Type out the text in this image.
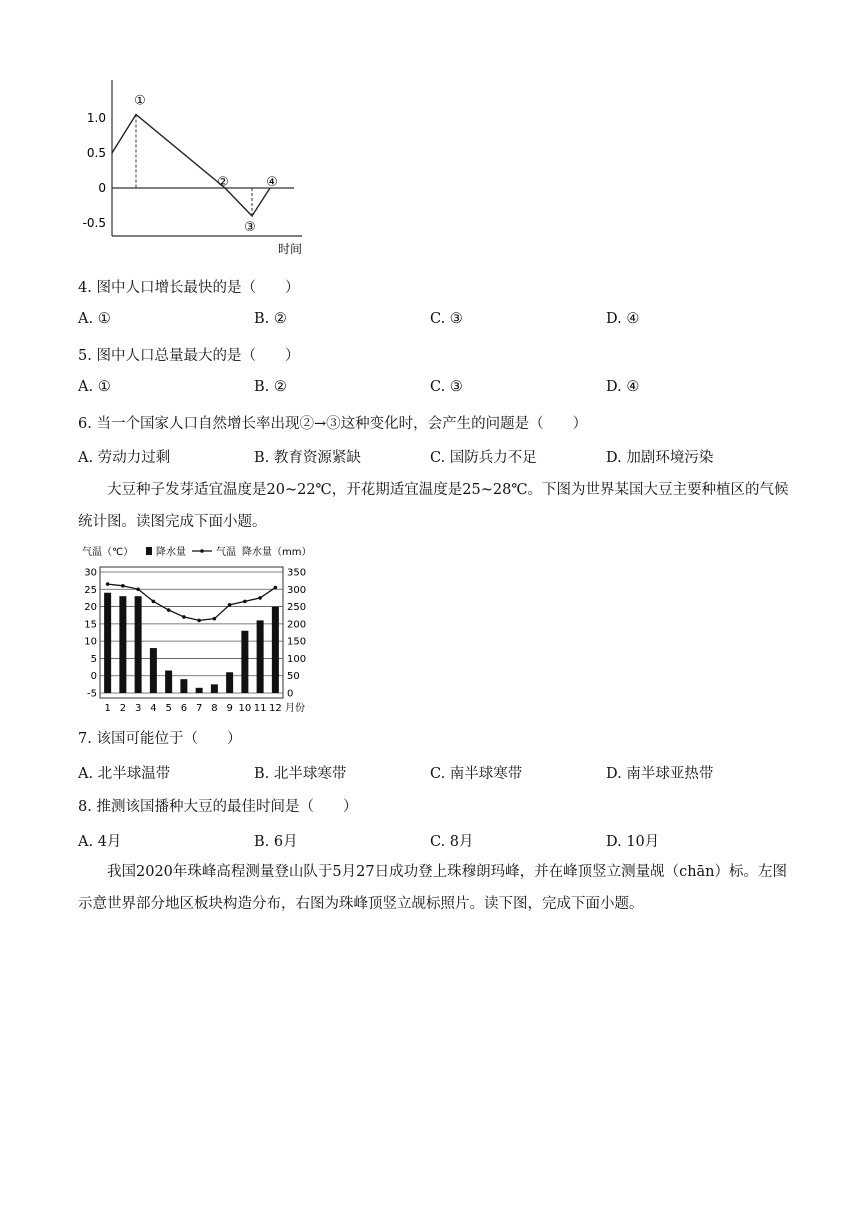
1.0
0.5
0
-0.5
①
②
③
④
时间
4. 图中人口增长最快的是（　　）
A. ①	B. ②	C. ③	D. ④
5. 图中人口总量最大的是（　　）
A. ①	B. ②	C. ③	D. ④
6. 当一个国家人口自然增长率出现②→③这种变化时，会产生的问题是（　　）
A. 劳动力过剩	B. 教育资源紧缺	C. 国防兵力不足	D. 加剧环境污染
大豆种子发芽适宜温度是20~22℃，开花期适宜温度是25~28℃。下图为世界某国大豆主要种植区的气候统计图。读图完成下面小题。
气温（℃） 降水量	气温 降水量（mm）
30
25
20
15
10
5
0
-5
350
300
250
200
150
100
50
0
1 2 3 4 5 6 7 8 9 10 11 12 月份
7. 该国可能位于（　　）
A. 北半球温带	B. 北半球寒带	C. 南半球寒带	D. 南半球亚热带
8. 推测该国播种大豆的最佳时间是（　　）
A. 4月	B. 6月	C. 8月	D. 10月
我国2020年珠峰高程测量登山队于5月27日成功登上珠穆朗玛峰，并在峰顶竖立测量觇（chān）标。左图示意世界部分地区板块构造分布，右图为珠峰顶竖立觇标照片。读下图，完成下面小题。
